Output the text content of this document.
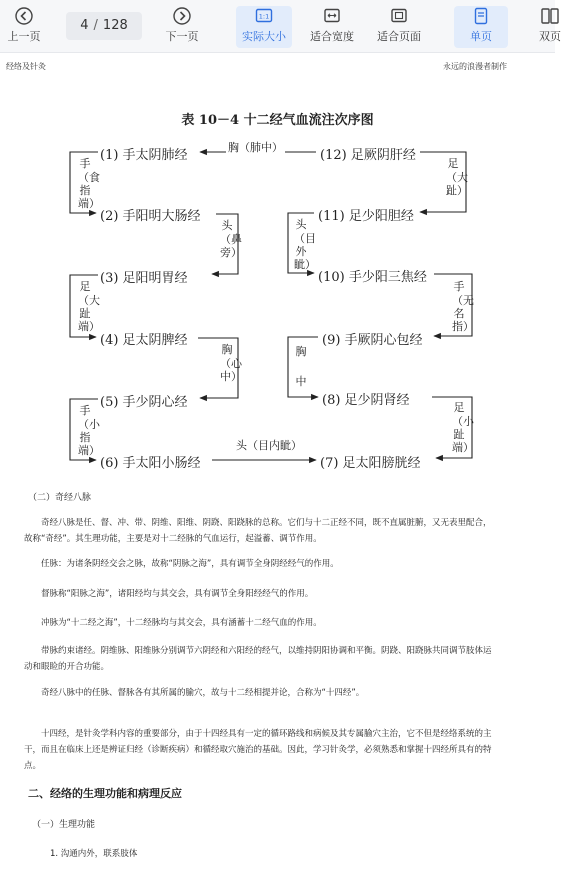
上一页
4 / 128
下一页
1:1
实际大小	适合宽度	适合页面	单页	双页
经络及针灸	永远的浪漫者制作
表 10－4 十二经气血流注次序图
(1) 手太阴肺经
(2) 手阳明大肠经
(3) 足阳明胃经
(4) 足太阴脾经
(5) 手少阴心经
(6) 手太阳小肠经
(12) 足厥阴肝经
(11) 足少阳胆经
(10) 手少阳三焦经
(9) 手厥阴心包经
(8) 足少阴肾经
(7) 足太阳膀胱经
胸（肺中）
头（目内眦）
手
（食指端）
头
（鼻旁）
足
（大趾端）
胸
（心中）
手
（小指端）
足
（大趾）
头
（目外眦）
手
（无名指）
胸
中
足
（小趾端）
（二）奇经八脉
奇经八脉是任、督、冲、带、阴维、阳维、阴跷、阳跷脉的总称。它们与十二正经不同，既不直属脏腑，又无表里配合，故称“奇经”。其生理功能，主要是对十二经脉的气血运行，起溢蓄、调节作用。
任脉：为诸条阴经交会之脉，故称“阴脉之海”，具有调节全身阴经经气的作用。
督脉称“阳脉之海”，诸阳经均与其交会，具有调节全身阳经经气的作用。
冲脉为“十二经之海”，十二经脉均与其交会，具有涵蓄十二经气血的作用。
带脉约束诸经。阴维脉、阳维脉分别调节六阴经和六阳经的经气，以维持阴阳协调和平衡。阴跷、阳跷脉共同调节肢体运动和眼睑的开合功能。
奇经八脉中的任脉、督脉各有其所属的腧穴，故与十二经相提并论，合称为“十四经”。
十四经，是针灸学科内容的重要部分，由于十四经具有一定的循环路线和病候及其专属腧穴主治，它不但是经络系统的主干，而且在临床上还是辨证归经（诊断疾病）和循经取穴施治的基础。因此，学习针灸学，必须熟悉和掌握十四经所具有的特点。
二、经络的生理功能和病理反应
（一）生理功能
1. 沟通内外，联系肢体
